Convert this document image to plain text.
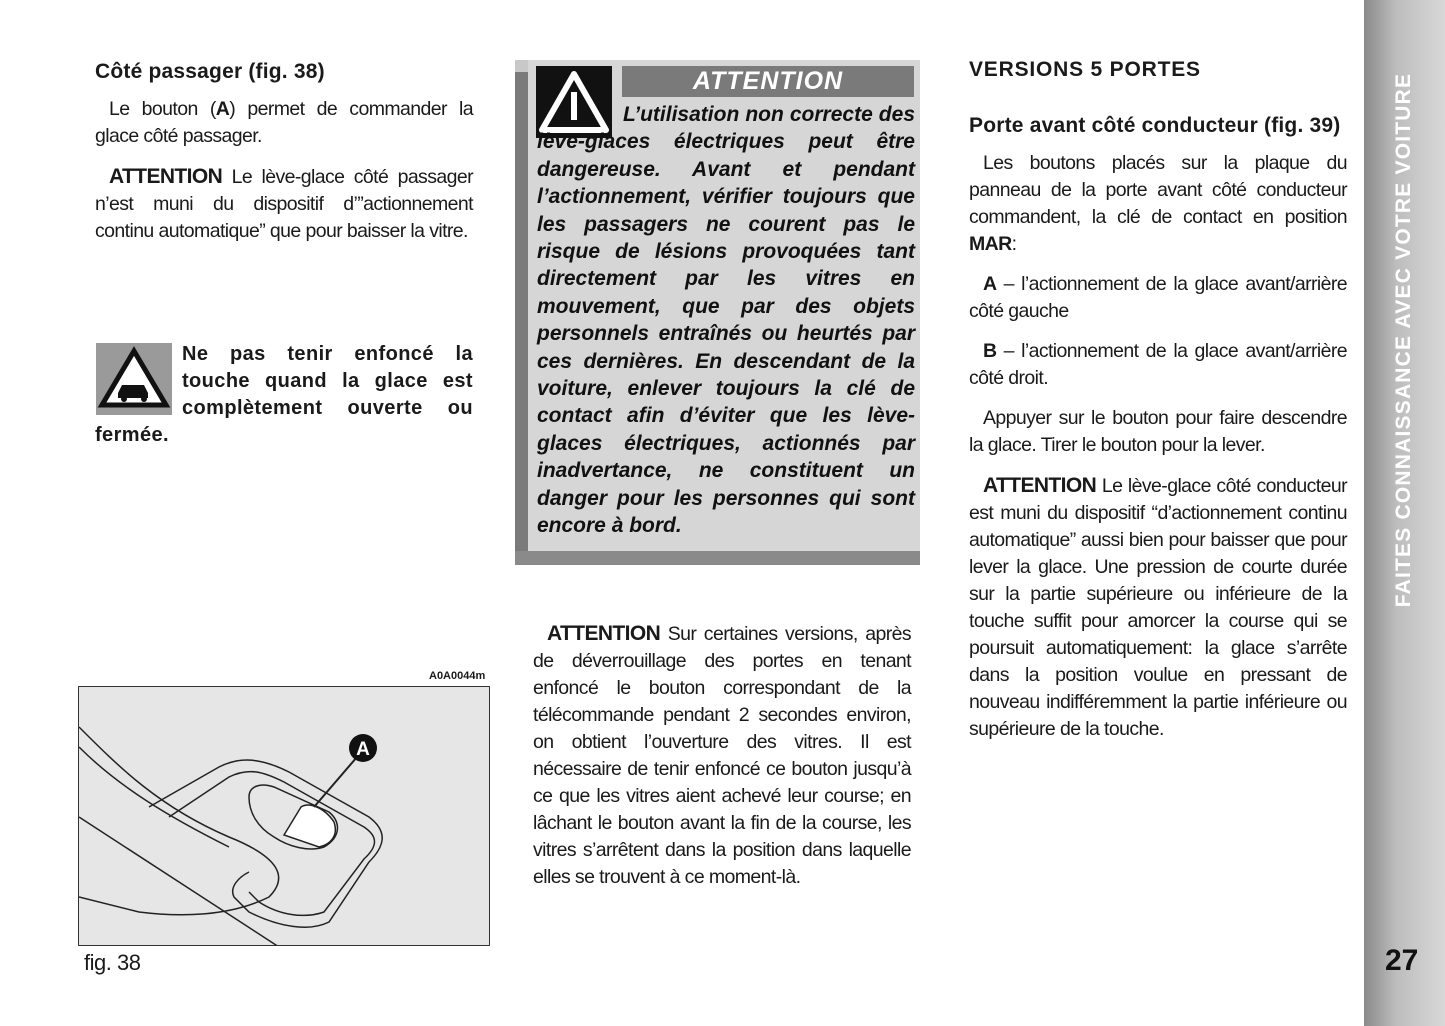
Côté passager (fig. 38)

Le bouton (A) permet de commander la glace côté passager.

ATTENTION Le lève-glace côté passager n’est muni du dispositif d’”actionnement continu automatique” que pour baisser la vitre.

Ne pas tenir enfoncé la touche quand la glace est complètement ouverte ou fermée.
ATTENTION
L’utilisation non correcte des lève-glaces électriques peut être dangereuse. Avant et pendant l’actionnement, vérifier toujours que les passagers ne courent pas le risque de lésions provoquées tant directement par les vitres en mouvement, que par des objets personnels entraînés ou heurtés par ces dernières. En descendant de la voiture, enlever toujours la clé de contact afin d’éviter que les lève-glaces électriques, actionnés par inadvertance, ne constituent un danger pour les personnes qui sont encore à bord.

ATTENTION Sur certaines versions, après de déverrouillage des portes en tenant enfoncé le bouton correspondant de la télécommande pendant 2 secondes environ, on obtient l’ouverture des vitres. Il est nécessaire de tenir enfoncé ce bouton jusqu’à ce que les vitres aient achevé leur course; en lâchant le bouton avant la fin de la course, les vitres s’arrêtent dans la position dans laquelle elles se trouvent à ce moment-là.

A0A0044m
A
fig. 38
VERSIONS 5 PORTES
Porte avant côté conducteur (fig. 39)

Les boutons placés sur la plaque du panneau de la porte avant côté conducteur commandent, la clé de contact en position MAR:

A – l’actionnement de la glace avant/arrière côté gauche

B – l’actionnement de la glace avant/arrière côté droit.

Appuyer sur le bouton pour faire descendre la glace. Tirer le bouton pour la lever.

ATTENTION Le lève-glace côté conducteur est muni du dispositif “d’actionnement continu automatique” aussi bien pour baisser que pour lever la glace. Une pression de courte durée sur la partie supérieure ou inférieure de la touche suffit pour amorcer la course qui se poursuit automatiquement: la glace s’arrête dans la position voulue en pressant de nouveau indifféremment la partie inférieure ou supérieure de la touche.

FAITES CONNAISSANCE AVEC VOTRE VOITURE
27
